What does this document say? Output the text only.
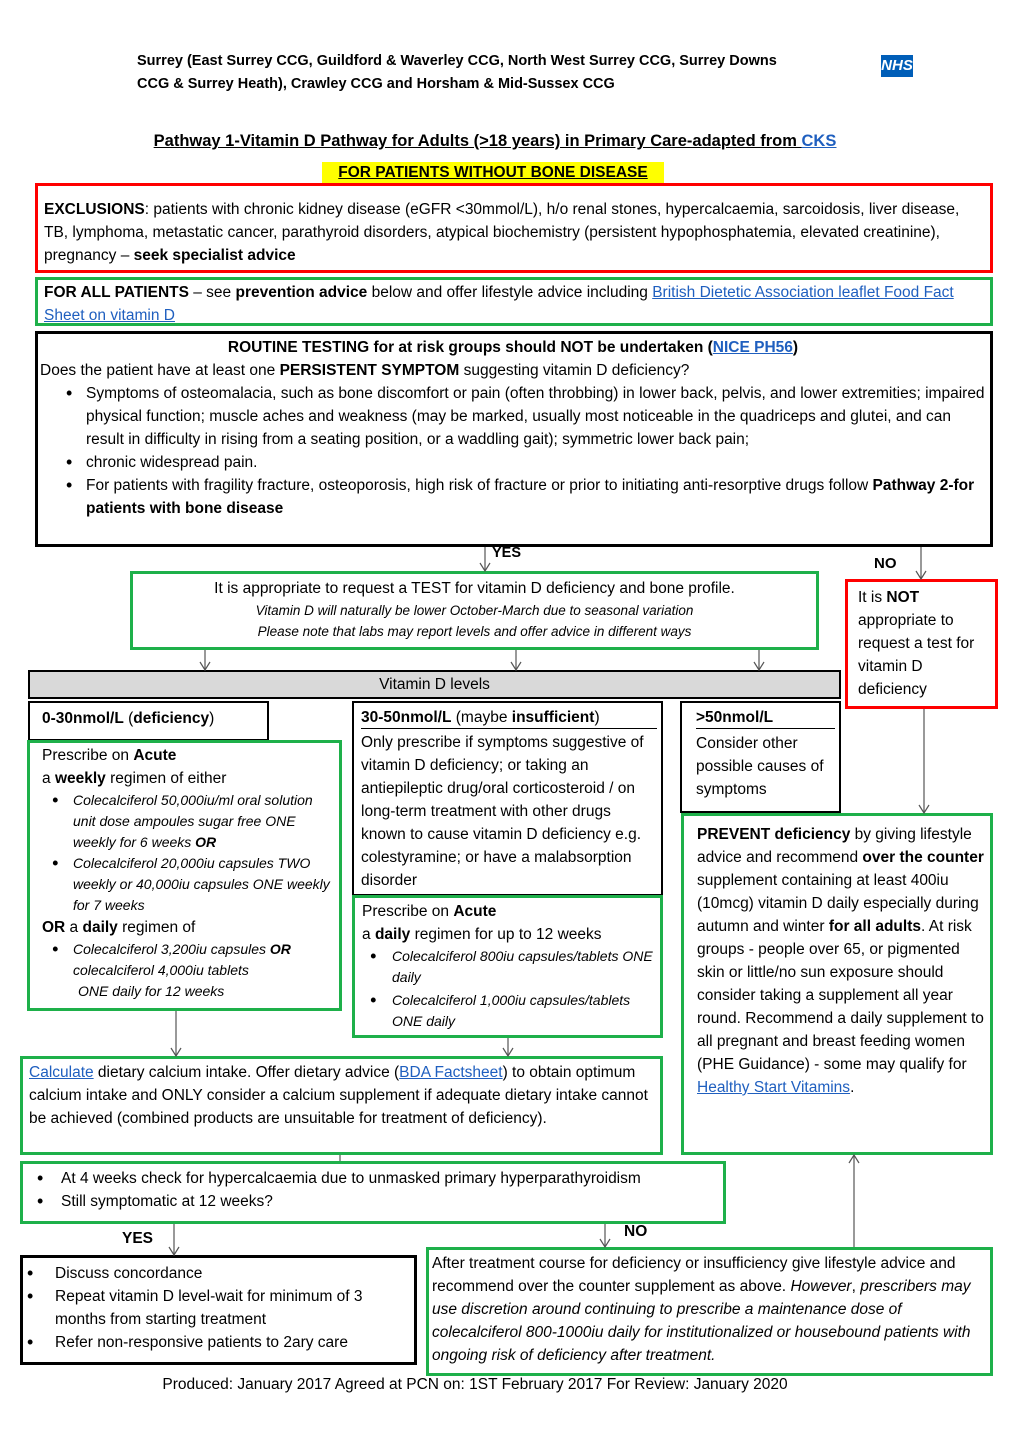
Surrey (East Surrey CCG, Guildford & Waverley CCG, North West Surrey CCG, Surrey Downs
CCG & Surrey Heath), Crawley CCG and Horsham & Mid-Sussex CCG
NHS
Pathway 1-Vitamin D Pathway for Adults (>18 years) in Primary Care-adapted from CKS
FOR PATIENTS WITHOUT BONE DISEASE
EXCLUSIONS: patients with chronic kidney disease (eGFR <30mmol/L), h/o renal stones, hypercalcaemia, sarcoidosis, liver disease, TB, lymphoma, metastatic cancer, parathyroid disorders, atypical biochemistry (persistent hypophosphatemia, elevated creatinine), pregnancy – seek specialist advice
FOR ALL PATIENTS – see prevention advice below and offer lifestyle advice including British Dietetic Association leaflet Food Fact Sheet on vitamin D
ROUTINE TESTING for at risk groups should NOT be undertaken (NICE PH56)
Does the patient have at least one PERSISTENT SYMPTOM suggesting vitamin D deficiency?
• Symptoms of osteomalacia, such as bone discomfort or pain (often throbbing) in lower back, pelvis, and lower extremities; impaired physical function; muscle aches and weakness (may be marked, usually most noticeable in the quadriceps and glutei, and can result in difficulty in rising from a seating position, or a waddling gait); symmetric lower back pain;
• chronic widespread pain.
• For patients with fragility fracture, osteoporosis, high risk of fracture or prior to initiating anti-resorptive drugs follow Pathway 2-for patients with bone disease
YES
NO
It is appropriate to request a TEST for vitamin D deficiency and bone profile.
Vitamin D will naturally be lower October-March due to seasonal variation
Please note that labs may report levels and offer advice in different ways
It is NOT appropriate to request a test for vitamin D deficiency
Vitamin D levels
0-30nmol/L (deficiency)
Prescribe on Acute
a weekly regimen of either
• Colecalciferol 50,000iu/ml oral solution unit dose ampoules sugar free ONE weekly for 6 weeks OR
• Colecalciferol 20,000iu capsules TWO weekly or 40,000iu capsules ONE weekly for 7 weeks
OR a daily regimen of
• Colecalciferol 3,200iu capsules OR
colecalciferol 4,000iu tablets
ONE daily for 12 weeks
30-50nmol/L (maybe insufficient)
Only prescribe if symptoms suggestive of vitamin D deficiency; or taking an antiepileptic drug/oral corticosteroid / on long-term treatment with other drugs known to cause vitamin D deficiency e.g. colestyramine; or have a malabsorption disorder
Prescribe on Acute
a daily regimen for up to 12 weeks
• Colecalciferol 800iu capsules/tablets ONE daily
• Colecalciferol 1,000iu capsules/tablets ONE daily
>50nmol/L
Consider other possible causes of symptoms
PREVENT deficiency by giving lifestyle advice and recommend over the counter supplement containing at least 400iu (10mcg) vitamin D daily especially during autumn and winter for all adults. At risk groups - people over 65, or pigmented skin or little/no sun exposure should consider taking a supplement all year round. Recommend a daily supplement to all pregnant and breast feeding women (PHE Guidance) - some may qualify for Healthy Start Vitamins.
Calculate dietary calcium intake. Offer dietary advice (BDA Factsheet) to obtain optimum calcium intake and ONLY consider a calcium supplement if adequate dietary intake cannot be achieved (combined products are unsuitable for treatment of deficiency).
• At 4 weeks check for hypercalcaemia due to unmasked primary hyperparathyroidism
• Still symptomatic at 12 weeks?
YES	NO
• Discuss concordance
• Repeat vitamin D level-wait for minimum of 3 months from starting treatment
• Refer non-responsive patients to 2ary care
After treatment course for deficiency or insufficiency give lifestyle advice and recommend over the counter supplement as above. However, prescribers may use discretion around continuing to prescribe a maintenance dose of colecalciferol 800-1000iu daily for institutionalized or housebound patients with ongoing risk of deficiency after treatment.
Produced: January 2017 Agreed at PCN on: 1ST February 2017 For Review: January 2020
